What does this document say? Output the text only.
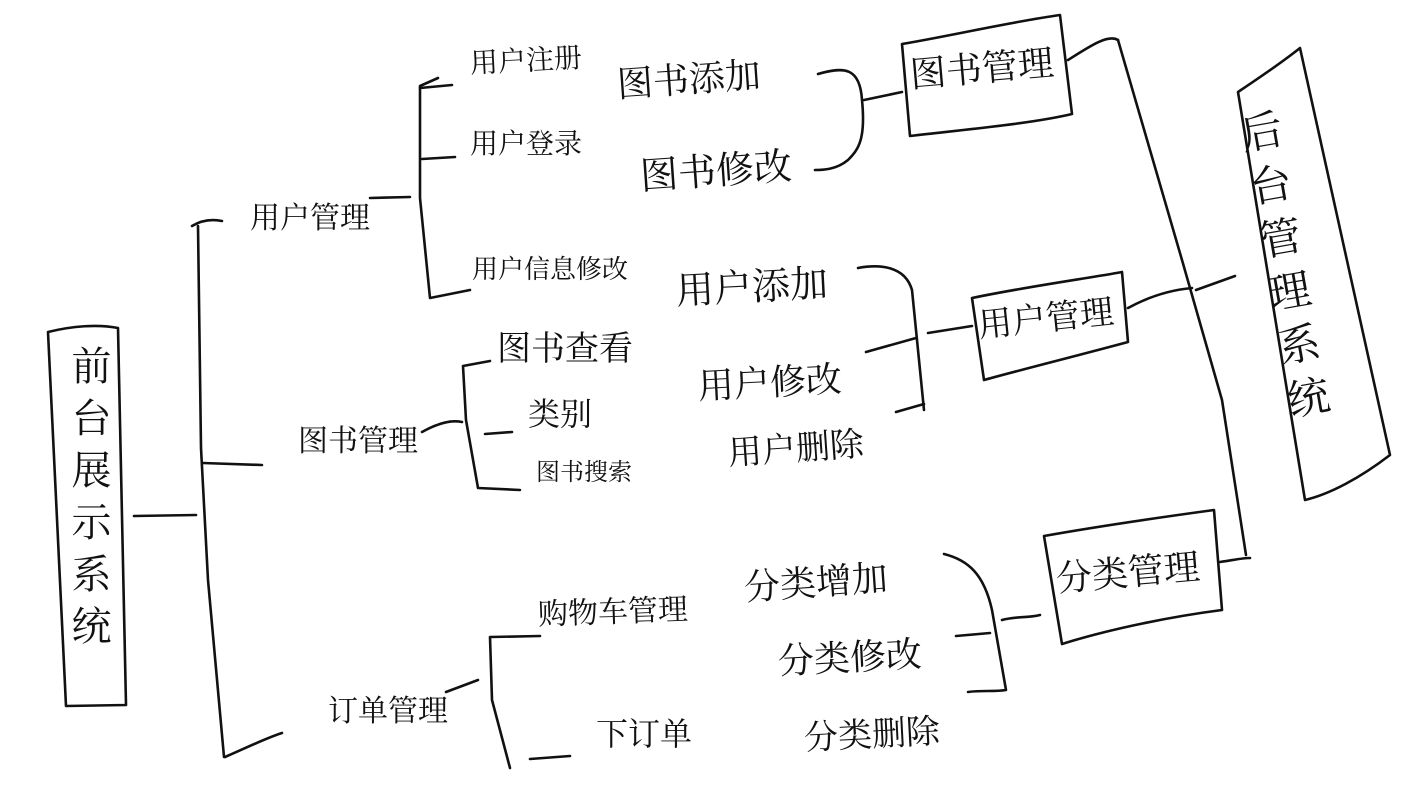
前台展示系统
用户管理
图书管理
订单管理
用户注册
用户登录
用户信息修改
图书查看
类别
图书搜索
购物车管理
下订单
图书添加
图书修改
图书管理
用户添加
用户修改
用户删除
用户管理
分类增加
分类修改
分类删除
分类管理
后台管理系统
